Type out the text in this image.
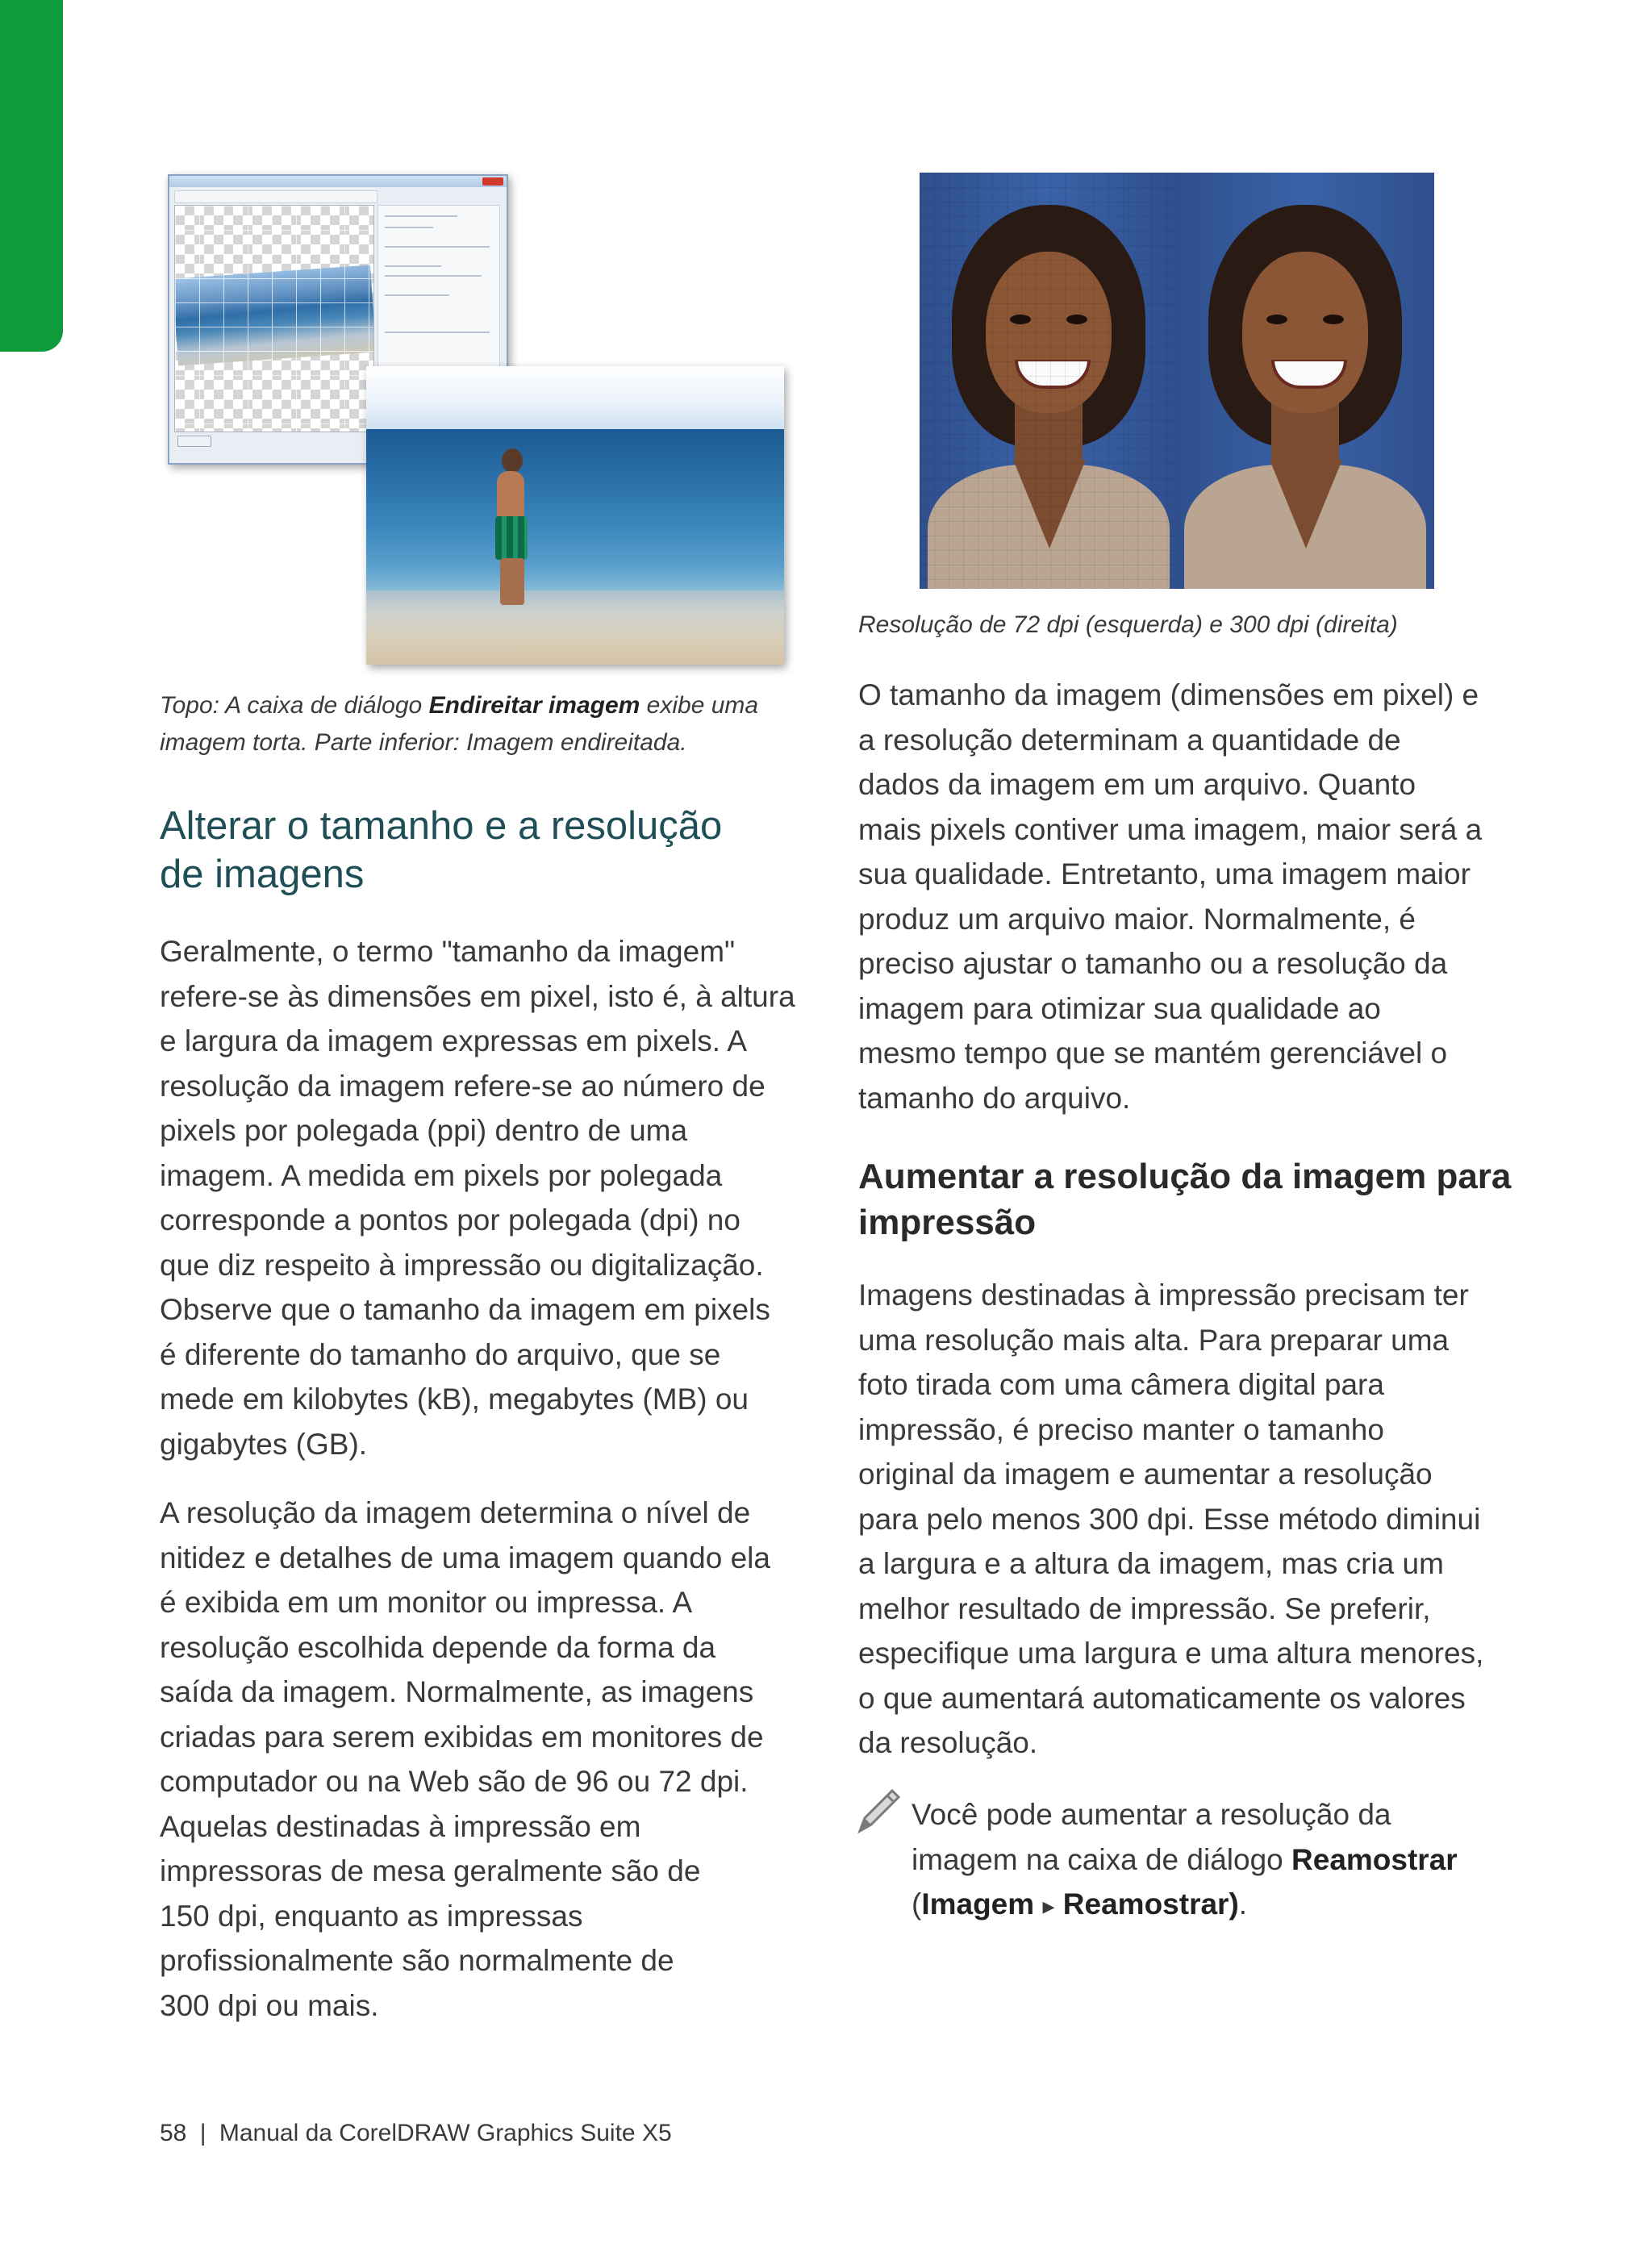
Topo: A caixa de diálogo Endireitar imagem exibe uma imagem torta. Parte inferior: Imagem endireitada.
Resolução de 72 dpi (esquerda) e 300 dpi (direita)
Alterar o tamanho e a resolução
de imagens
Geralmente, o termo "tamanho da imagem"
refere-se às dimensões em pixel, isto é, à altura
e largura da imagem expressas em pixels. A
resolução da imagem refere-se ao número de
pixels por polegada (ppi) dentro de uma
imagem. A medida em pixels por polegada
corresponde a pontos por polegada (dpi) no
que diz respeito à impressão ou digitalização.
Observe que o tamanho da imagem em pixels
é diferente do tamanho do arquivo, que se
mede em kilobytes (kB), megabytes (MB) ou
gigabytes (GB).
A resolução da imagem determina o nível de
nitidez e detalhes de uma imagem quando ela
é exibida em um monitor ou impressa. A
resolução escolhida depende da forma da
saída da imagem. Normalmente, as imagens
criadas para serem exibidas em monitores de
computador ou na Web são de 96 ou 72 dpi.
Aquelas destinadas à impressão em
impressoras de mesa geralmente são de
150 dpi, enquanto as impressas
profissionalmente são normalmente de
300 dpi ou mais.
O tamanho da imagem (dimensões em pixel) e
a resolução determinam a quantidade de
dados da imagem em um arquivo. Quanto
mais pixels contiver uma imagem, maior será a
sua qualidade. Entretanto, uma imagem maior
produz um arquivo maior. Normalmente, é
preciso ajustar o tamanho ou a resolução da
imagem para otimizar sua qualidade ao
mesmo tempo que se mantém gerenciável o
tamanho do arquivo.
Aumentar a resolução da imagem para
impressão
Imagens destinadas à impressão precisam ter
uma resolução mais alta. Para preparar uma
foto tirada com uma câmera digital para
impressão, é preciso manter o tamanho
original da imagem e aumentar a resolução
para pelo menos 300 dpi. Esse método diminui
a largura e a altura da imagem, mas cria um
melhor resultado de impressão. Se preferir,
especifique uma largura e uma altura menores,
o que aumentará automaticamente os valores
da resolução.
Você pode aumentar a resolução da
imagem na caixa de diálogo Reamostrar
(Imagem ▸ Reamostrar).
58 | Manual da CorelDRAW Graphics Suite X5
